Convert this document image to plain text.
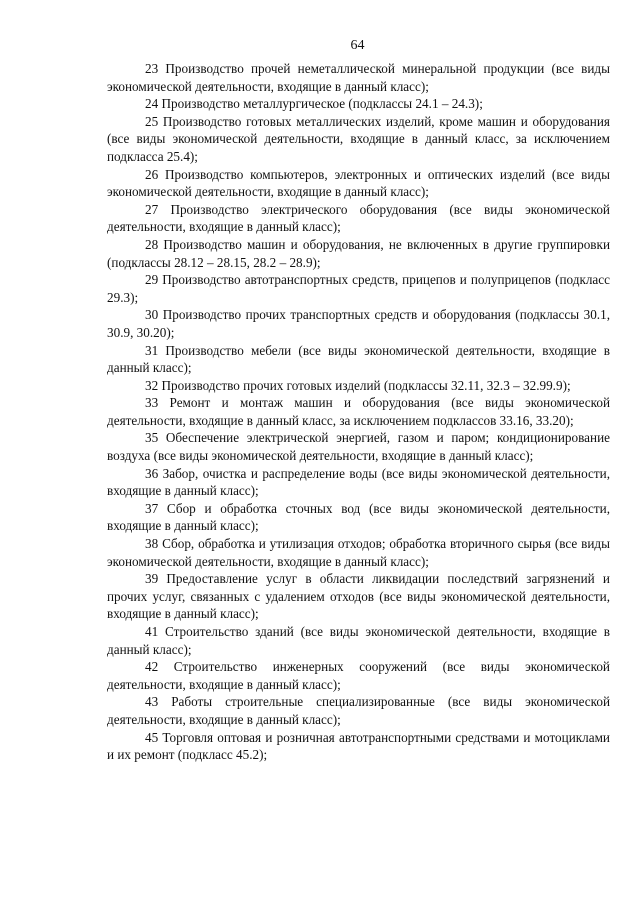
64

23 Производство прочей неметаллической минеральной продукции (все виды экономической деятельности, входящие в данный класс);

24 Производство металлургическое (подклассы 24.1 – 24.3);

25 Производство готовых металлических изделий, кроме машин и оборудования (все виды экономической деятельности, входящие в данный класс, за исключением подкласса 25.4);

26 Производство компьютеров, электронных и оптических изделий (все виды экономической деятельности, входящие в данный класс);

27 Производство электрического оборудования (все виды экономической деятельности, входящие в данный класс);

28 Производство машин и оборудования, не включенных в другие группировки (подклассы 28.12 – 28.15, 28.2 – 28.9);

29 Производство автотранспортных средств, прицепов и полуприцепов (подкласс 29.3);

30 Производство прочих транспортных средств и оборудования (подклассы 30.1, 30.9, 30.20);

31 Производство мебели (все виды экономической деятельности, входящие в данный класс);

32 Производство прочих готовых изделий (подклассы 32.11, 32.3 – 32.99.9);

33 Ремонт и монтаж машин и оборудования (все виды экономической деятельности, входящие в данный класс, за исключением подклассов 33.16, 33.20);

35 Обеспечение электрической энергией, газом и паром; кондиционирование воздуха (все виды экономической деятельности, входящие в данный класс);

36 Забор, очистка и распределение воды (все виды экономической деятельности, входящие в данный класс);

37 Сбор и обработка сточных вод (все виды экономической деятельности, входящие в данный класс);

38 Сбор, обработка и утилизация отходов; обработка вторичного сырья (все виды экономической деятельности, входящие в данный класс);

39 Предоставление услуг в области ликвидации последствий загрязнений и прочих услуг, связанных с удалением отходов (все виды экономической деятельности, входящие в данный класс);

41 Строительство зданий (все виды экономической деятельности, входящие в данный класс);

42 Строительство инженерных сооружений (все виды экономической деятельности, входящие в данный класс);

43 Работы строительные специализированные (все виды экономической деятельности, входящие в данный класс);

45 Торговля оптовая и розничная автотранспортными средствами и мотоциклами и их ремонт (подкласс 45.2);
